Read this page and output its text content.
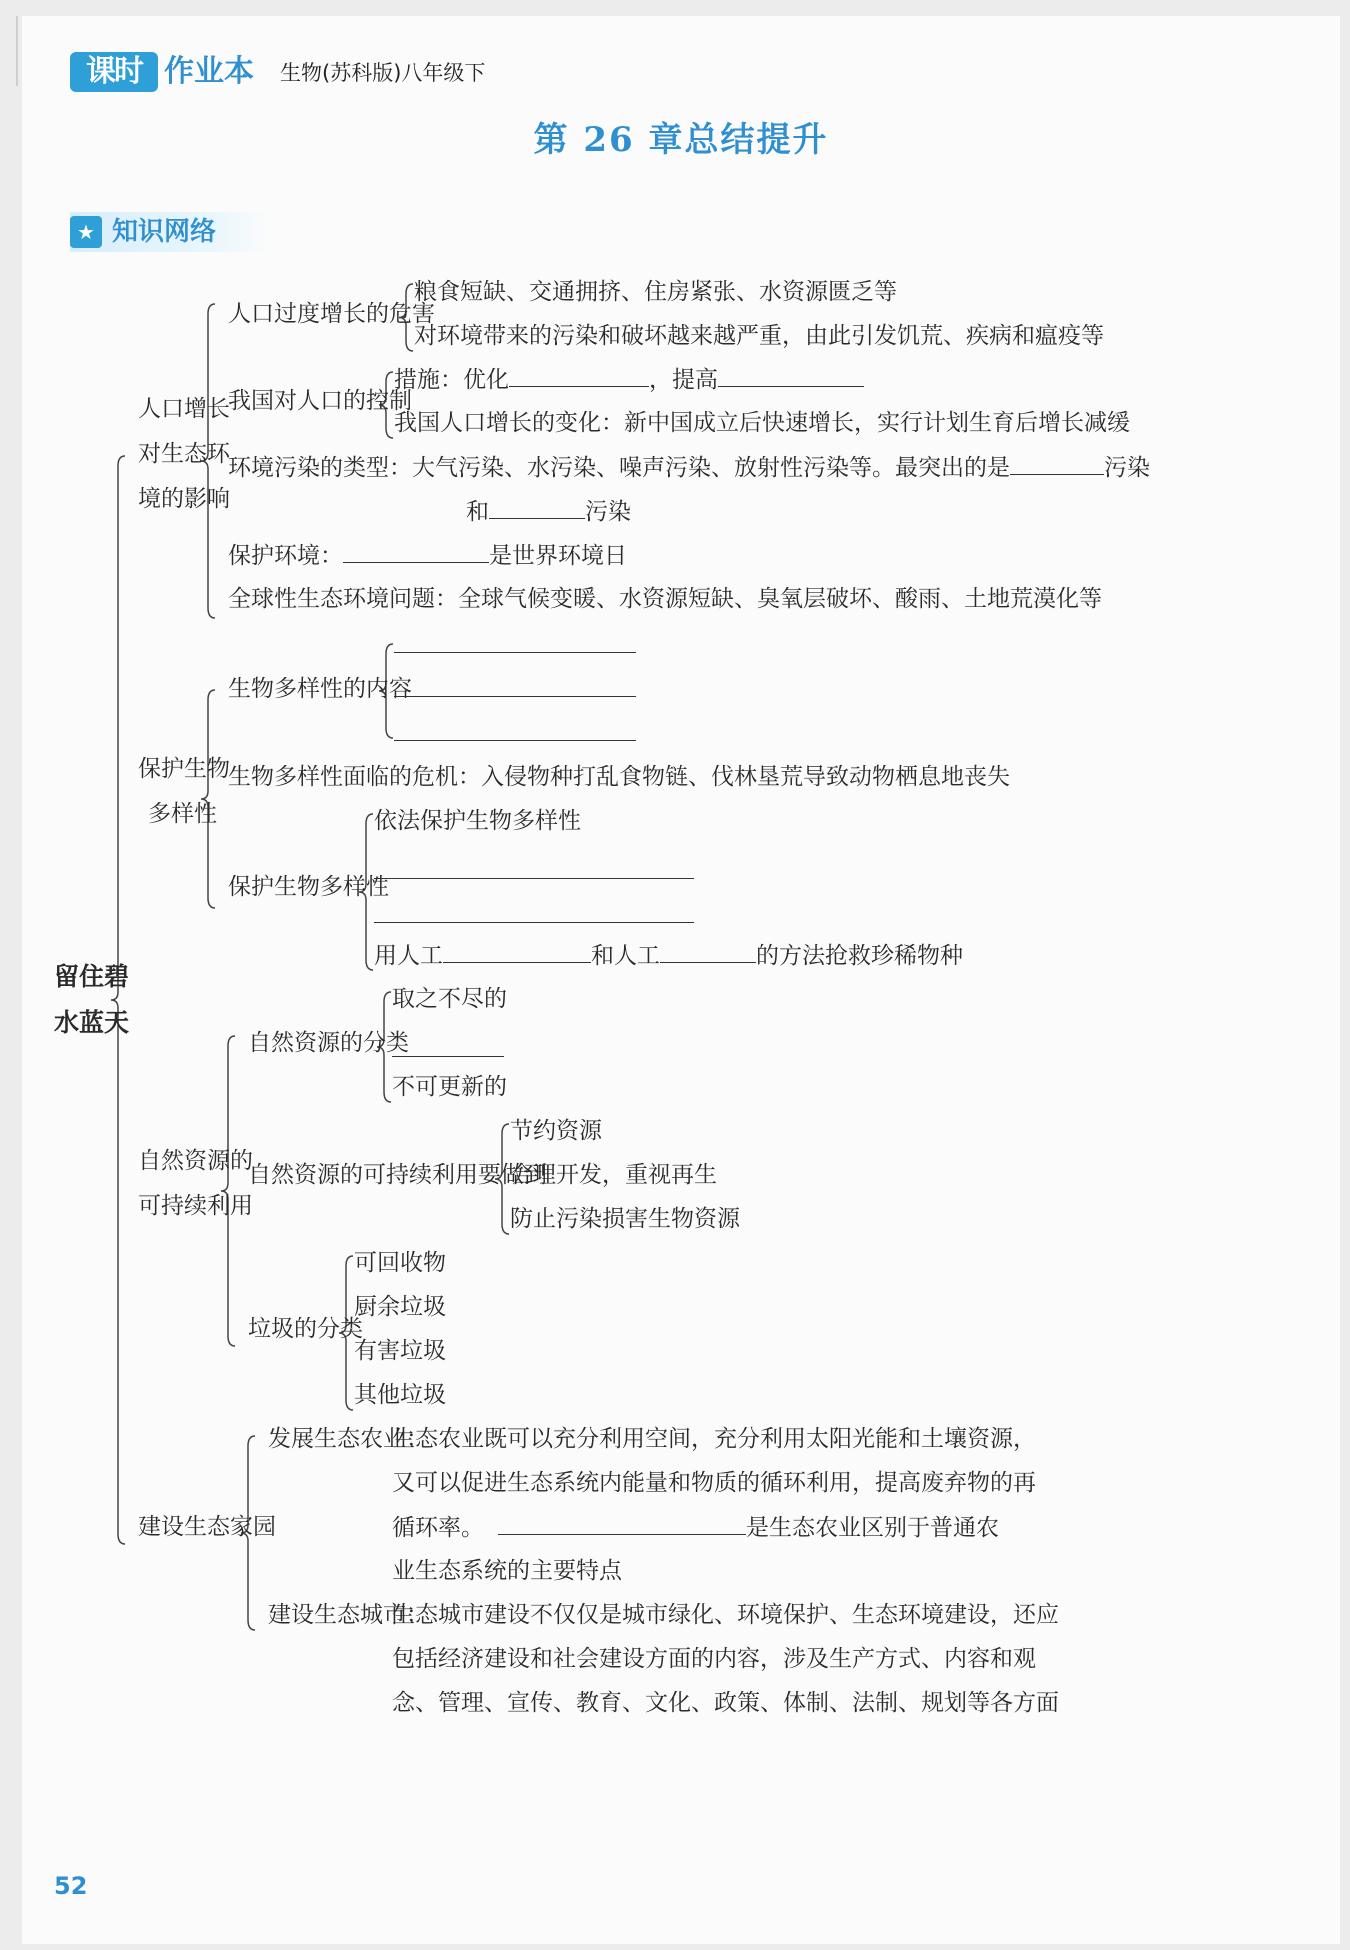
课时 作业本 生物(苏科版)八年级下
第 26 章总结提升
★ 知识网络
留住碧
水蓝天
人口增长
对生态环
境的影响
人口过度增长的危害
粮食短缺、交通拥挤、住房紧张、水资源匮乏等
对环境带来的污染和破坏越来越严重，由此引发饥荒、疾病和瘟疫等
我国对人口的控制
措施：优化	，提高
我国人口增长的变化：新中国成立后快速增长，实行计划生育后增长减缓
环境污染的类型：大气污染、水污染、噪声污染、放射性污染等。最突出的是	污染
和	污染
保护环境：	是世界环境日
全球性生态环境问题：全球气候变暖、水资源短缺、臭氧层破坏、酸雨、土地荒漠化等
保护生物
多样性
生物多样性的内容
生物多样性面临的危机：入侵物种打乱食物链、伐林垦荒导致动物栖息地丧失
保护生物多样性
依法保护生物多样性
用人工	和人工	的方法抢救珍稀物种
自然资源的
可持续利用
自然资源的分类
取之不尽的
不可更新的
自然资源的可持续利用要做到
节约资源
合理开发，重视再生
防止污染损害生物资源
垃圾的分类
可回收物
厨余垃圾
有害垃圾
其他垃圾
建设生态家园
发展生态农业：
生态农业既可以充分利用空间，充分利用太阳光能和土壤资源，
又可以促进生态系统内能量和物质的循环利用，提高废弃物的再
循环率。	是生态农业区别于普通农
业生态系统的主要特点
建设生态城市：
生态城市建设不仅仅是城市绿化、环境保护、生态环境建设，还应
包括经济建设和社会建设方面的内容，涉及生产方式、内容和观
念、管理、宣传、教育、文化、政策、体制、法制、规划等各方面
52
